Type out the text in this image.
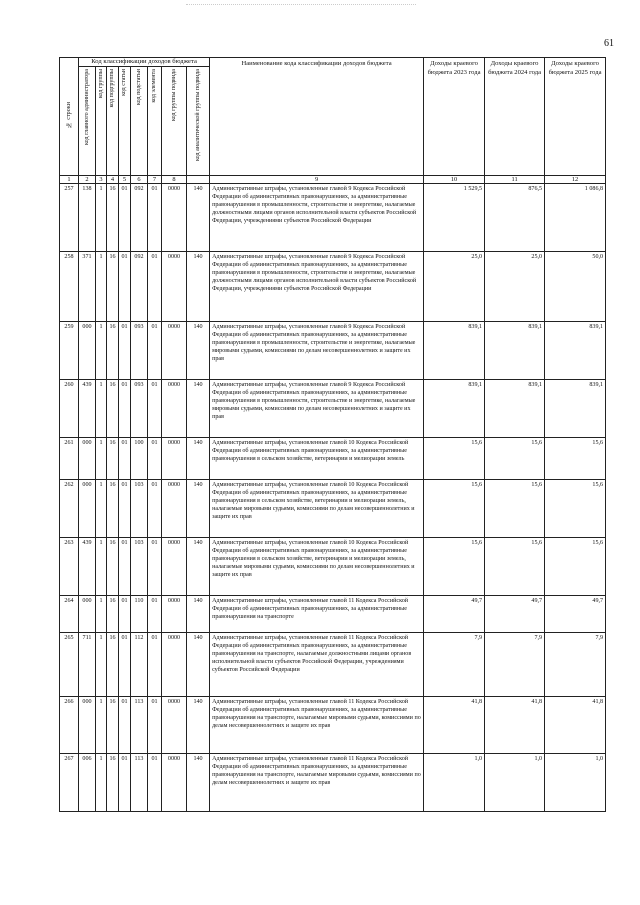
61
№ строки	Код классификации доходов бюджета								Наименование кода классификации доходов бюджета	Доходы краевого бюджета 2023 года	Доходы краевого бюджета 2024 года	Доходы краевого бюджета 2025 года
	код главного администратора	код группы	код подгруппы	код статьи	код подстатьи	код элемента	код группы подвида	код аналитической группы подвида				
1	2	3	4	5	6	7	8		9	10	11	12
257	138	1	16	01	092	01	0000	140	Административные штрафы, установленные главой 9 Кодекса Российской Федерации об административных правонарушениях, за административные правонарушения в промышленности, строительстве и энергетике, налагаемые должностными лицами органов исполнительной власти субъектов Российской Федерации, учреждениями субъектов Российской Федерации	1 529,5	876,5	1 086,8
258	371	1	16	01	092	01	0000	140	Административные штрафы, установленные главой 9 Кодекса Российской Федерации об административных правонарушениях, за административные правонарушения в промышленности, строительстве и энергетике, налагаемые должностными лицами органов исполнительной власти субъектов Российской Федерации, учреждениями субъектов Российской Федерации	25,0	25,0	50,0
259	000	1	16	01	093	01	0000	140	Административные штрафы, установленные главой 9 Кодекса Российской Федерации об административных правонарушениях, за административные правонарушения в промышленности, строительстве и энергетике, налагаемые мировыми судьями, комиссиями по делам несовершеннолетних и защите их прав	839,1	839,1	839,1
260	439	1	16	01	093	01	0000	140	Административные штрафы, установленные главой 9 Кодекса Российской Федерации об административных правонарушениях, за административные правонарушения в промышленности, строительстве и энергетике, налагаемые мировыми судьями, комиссиями по делам несовершеннолетних и защите их прав	839,1	839,1	839,1
261	000	1	16	01	100	01	0000	140	Административные штрафы, установленные главой 10 Кодекса Российской Федерации об административных правонарушениях, за административные правонарушения в сельском хозяйстве, ветеринарии и мелиорации земель	15,6	15,6	15,6
262	000	1	16	01	103	01	0000	140	Административные штрафы, установленные главой 10 Кодекса Российской Федерации об административных правонарушениях, за административные правонарушения в сельском хозяйстве, ветеринарии и мелиорации земель, налагаемые мировыми судьями, комиссиями по делам несовершеннолетних и защите их прав	15,6	15,6	15,6
263	439	1	16	01	103	01	0000	140	Административные штрафы, установленные главой 10 Кодекса Российской Федерации об административных правонарушениях, за административные правонарушения в сельском хозяйстве, ветеринарии и мелиорации земель, налагаемые мировыми судьями, комиссиями по делам несовершеннолетних и защите их прав	15,6	15,6	15,6
264	000	1	16	01	110	01	0000	140	Административные штрафы, установленные главой 11 Кодекса Российской Федерации об административных правонарушениях, за административные правонарушения на транспорте	49,7	49,7	49,7
265	711	1	16	01	112	01	0000	140	Административные штрафы, установленные главой 11 Кодекса Российской Федерации об административных правонарушениях, за административные правонарушения на транспорте, налагаемые должностными лицами органов исполнительной власти субъектов Российской Федерации, учреждениями субъектов Российской Федерации	7,9	7,9	7,9
266	000	1	16	01	113	01	0000	140	Административные штрафы, установленные главой 11 Кодекса Российской Федерации об административных правонарушениях, за административные правонарушения на транспорте, налагаемые мировыми судьями, комиссиями по делам несовершеннолетних и защите их прав	41,8	41,8	41,8
267	006	1	16	01	113	01	0000	140	Административные штрафы, установленные главой 11 Кодекса Российской Федерации об административных правонарушениях, за административные правонарушения на транспорте, налагаемые мировыми судьями, комиссиями по делам несовершеннолетних и защите их прав	1,0	1,0	1,0
